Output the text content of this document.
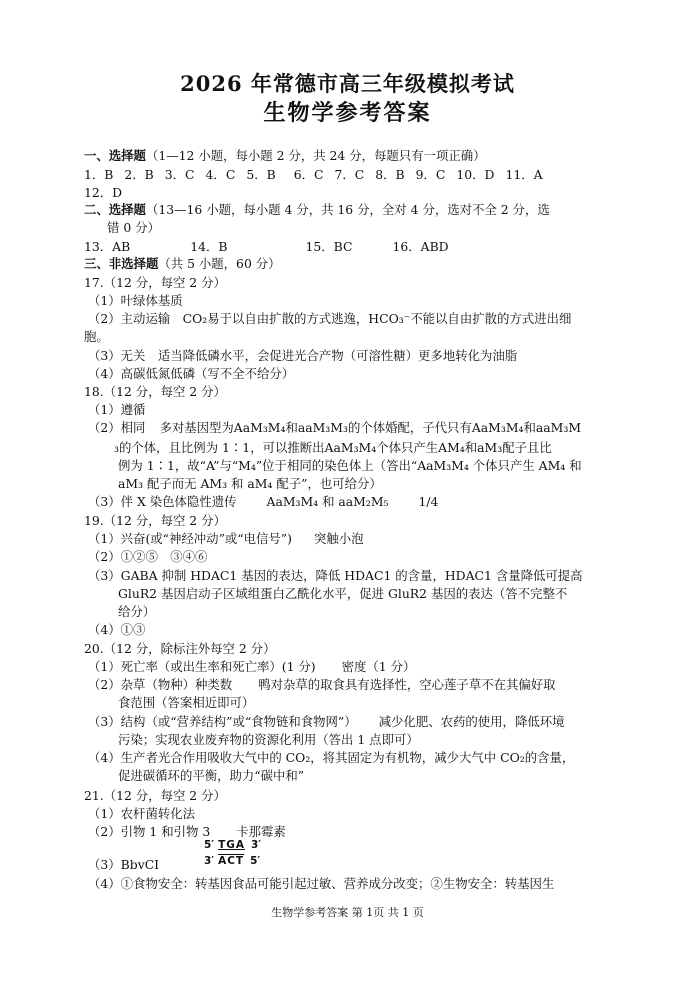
2026 年常德市高三年级模拟考试
生物学参考答案
一、选择题（1—12 小题，每小题 2 分，共 24 分，每题只有一项正确）
1．B 2．B 3．C 4．C 5．B 6．C 7．C 8．B 9．C 10．D 11．A
12．D
二、选择题（13—16 小题，每小题 4 分，共 16 分，全对 4 分，选对不全 2 分，选
错 0 分）
13．AB	14．B	15．BC	16．ABD
三、非选择题（共 5 小题，60 分）
17.（12 分，每空 2 分）
（1）叶绿体基质
（2）主动运输　CO₂易于以自由扩散的方式逃逸，HCO₃⁻不能以自由扩散的方式进出细
胞。
（3）无关　适当降低磷水平，会促进光合产物（可溶性糖）更多地转化为油脂
（4）高碳低氮低磷（写不全不给分）
18.（12 分，每空 2 分）
（1）遵循
（2）相同 多对基因型为AaM₃M₄和aaM₃M₃的个体婚配，子代只有AaM₃M₄和aaM₃M
₃的个体，且比例为 1∶1，可以推断出AaM₃M₄个体只产生AM₄和aM₃配子且比
例为 1∶1，故“A”与“M₄”位于相同的染色体上（答出“AaM₃M₄ 个体只产生 AM₄ 和
aM₃ 配子而无 AM₃ 和 aM₄ 配子”，也可给分）
（3）伴 X 染色体隐性遗传 AaM₃M₄ 和 aaM₂M₅ 1/4
19.（12 分，每空 2 分）
（1）兴奋(或“神经冲动”或“电信号”) 突触小泡
（2）①②⑤　③④⑥
（3）GABA 抑制 HDAC1 基因的表达，降低 HDAC1 的含量，HDAC1 含量降低可提高
GluR2 基因启动子区域组蛋白乙酰化水平，促进 GluR2 基因的表达（答不完整不
给分）
（4）①③
20.（12 分，除标注外每空 2 分）
（1）死亡率（或出生率和死亡率）(1 分) 密度（1 分）
（2）杂草（物种）种类数 鸭对杂草的取食具有选择性，空心莲子草不在其偏好取
食范围（答案相近即可）
（3）结构（或“营养结构”或“食物链和食物网”） 减少化肥、农药的使用，降低环境
污染；实现农业废弃物的资源化利用（答出 1 点即可）
（4）生产者光合作用吸收大气中的 CO₂，将其固定为有机物，减少大气中 CO₂的含量，
促进碳循环的平衡，助力“碳中和”
21.（12 分，每空 2 分）
（1）农杆菌转化法
（2）引物 1 和引物 3 卡那霉素
5′ TGA 3′
3′ $\overline{ACT}$ 5′
（3）BbvCI
（4）①食物安全：转基因食品可能引起过敏、营养成分改变；②生物安全：转基因生
生物学参考答案 第 1页 共 1 页
